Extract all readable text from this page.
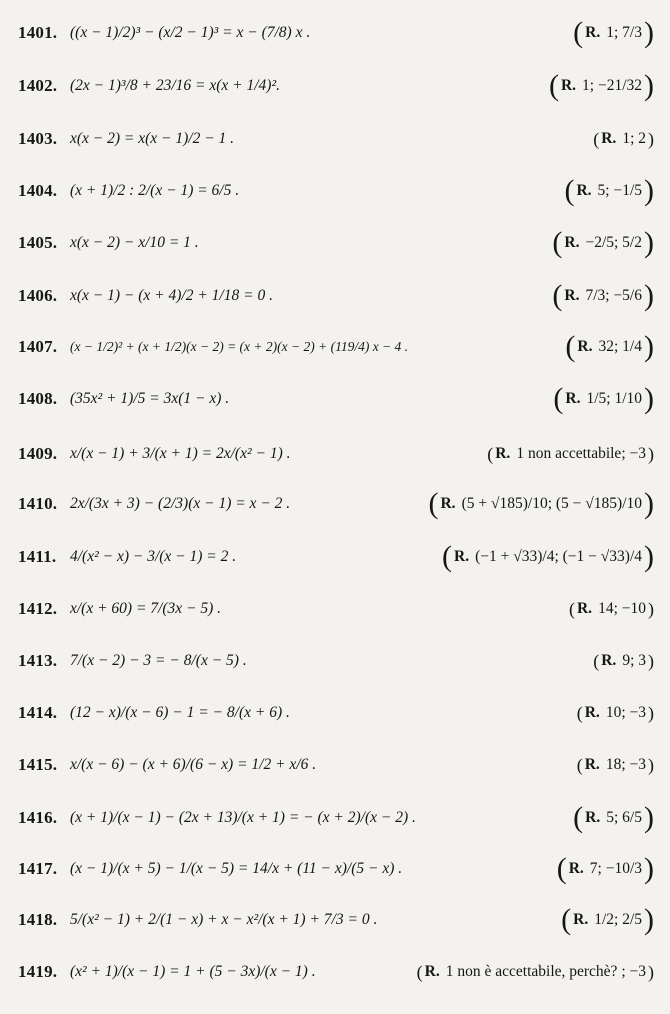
1401. ((x − 1)/2)³ − (x/2 − 1)³ = x − (7/8) x .	( R. 1; 7/3 )
1402. (2x − 1)³/8 + 23/16 = x(x + 1/4)².	( R. 1; −21/32 )
1403. x(x − 2) = x(x − 1)/2 − 1 .	( R. 1; 2 )
1404. (x + 1)/2 : 2/(x − 1) = 6/5 .	( R. 5; −1/5 )
1405. x(x − 2) − x/10 = 1 .	( R. −2/5; 5/2 )
1406. x(x − 1) − (x + 4)/2 + 1/18 = 0 .	( R. 7/3; −5/6 )
1407. (x − 1/2)² + (x + 1/2)(x − 2) = (x + 2)(x − 2) + (119/4) x − 4 .	( R. 32; 1/4 )
1408. (35x² + 1)/5 = 3x(1 − x) .	( R. 1/5; 1/10 )
1409. x/(x − 1) + 3/(x + 1) = 2x/(x² − 1) .	( R. 1 non accettabile; −3 )
1410. 2x/(3x + 3) − (2/3)(x − 1) = x − 2 .	( R. (5 + √185)/10; (5 − √185)/10 )
1411. 4/(x² − x) − 3/(x − 1) = 2 .	( R. (−1 + √33)/4; (−1 − √33)/4 )
1412. x/(x + 60) = 7/(3x − 5) .	( R. 14; −10 )
1413. 7/(x − 2) − 3 = − 8/(x − 5) .	( R. 9; 3 )
1414. (12 − x)/(x − 6) − 1 = − 8/(x + 6) .	( R. 10; −3 )
1415. x/(x − 6) − (x + 6)/(6 − x) = 1/2 + x/6 .	( R. 18; −3 )
1416. (x + 1)/(x − 1) − (2x + 13)/(x + 1) = − (x + 2)/(x − 2) .	( R. 5; 6/5 )
1417. (x − 1)/(x + 5) − 1/(x − 5) = 14/x + (11 − x)/(5 − x) .	( R. 7; −10/3 )
1418. 5/(x² − 1) + 2/(1 − x) + x − x²/(x + 1) + 7/3 = 0 .	( R. 1/2; 2/5 )
1419. (x² + 1)/(x − 1) = 1 + (5 − 3x)/(x − 1) .	( R. 1 non è accettabile, perchè? ; −3 )
